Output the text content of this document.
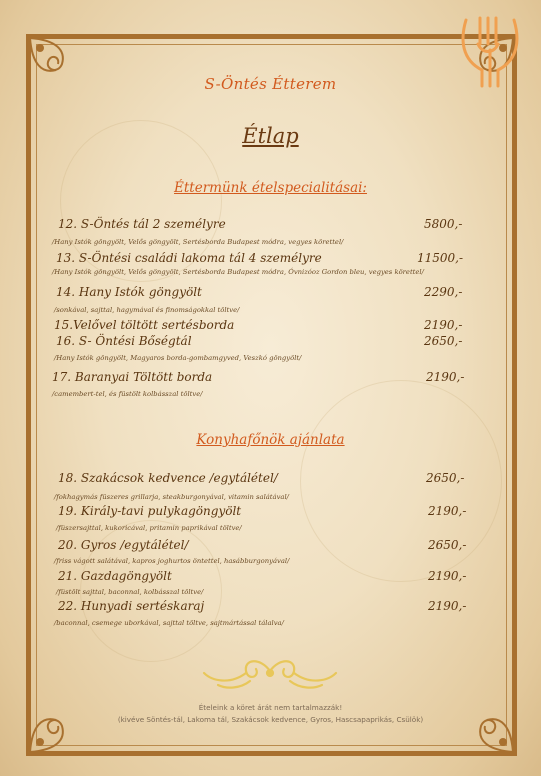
S-Öntés Étterem
Étlap
Éttermünk ételspecialitásai:
12. S-Öntés tál 2 személyre	5800,-
/Hany Istók göngyölt, Velős göngyölt, Sertésborda Budapest módra, vegyes körettel/
13. S-Öntési családi lakoma tál 4 személyre	11500,-
/Hany Istók göngyölt, Velős göngyölt, Sertésborda Budapest módra, Óvnizóoz Gordon bleu, vegyes körettel/
14. Hany Istók göngyölt	2290,-
/sonkával, sajttal, hagymával és finomságokkal töltve/
15.Velővel töltött sertésborda	2190,-
16. S- Öntési Bőségtál	2650,-
/Hany Istók göngyölt, Magyaros borda-gombamgyved, Veszkó göngyölt/
17. Baranyai Töltött borda	2190,-
/camembert-tel, és füstölt kolbásszal töltve/
Konyhafőnök ajánlata
18. Szakácsok kedvence /egytálétel/	2650,-
/fokhagymás füszeres grillarja, steakburgonyával, vitamin salátával/
19. Király-tavi pulykagöngyölt	2190,-
/füszersajttal, kukoricával, pritamin paprikával töltve/
20. Gyros /egytálétel/	2650,-
/friss vágott salátával, kapros joghurtos öntettel, hasábburgonyával/
21. Gazdagöngyölt	2190,-
/füstölt sajttal, baconnal, kolbásszal töltve/
22. Hunyadi sertéskaraj	2190,-
/baconnal, csemege uborkával, sajttal töltve, sajtmártással tálalva/
Ételeink a köret árát nem tartalmazzák!
(kivéve Söntés-tál, Lakoma tál, Szakácsok kedvence, Gyros, Hascsapaprikás, Csülök)
